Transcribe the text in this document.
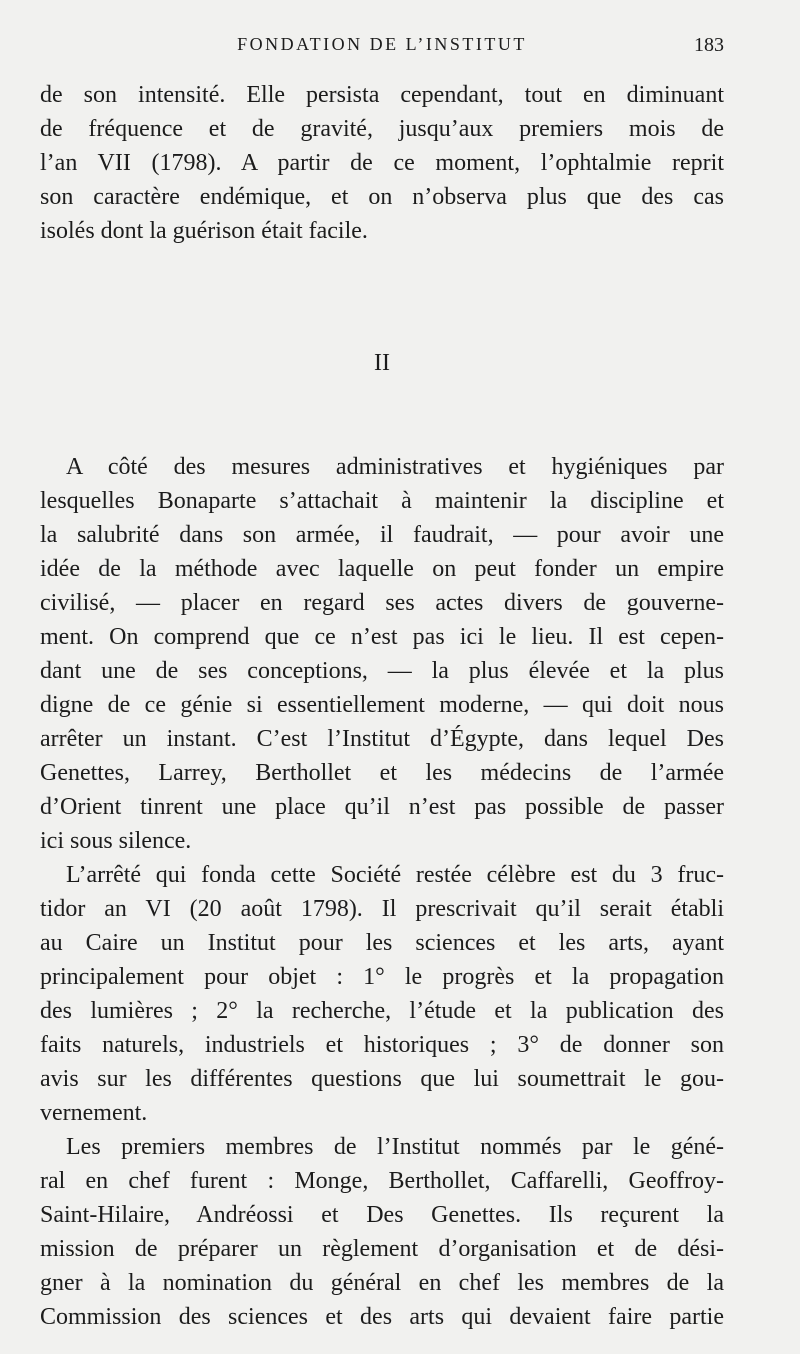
FONDATION DE L’INSTITUT	183
de son intensité. Elle persista cependant, tout en diminuant
de fréquence et de gravité, jusqu’aux premiers mois de
l’an VII (1798). A partir de ce moment, l’ophtalmie reprit
son caractère endémique, et on n’observa plus que des cas
isolés dont la guérison était facile.
II
A côté des mesures administratives et hygiéniques par
lesquelles Bonaparte s’attachait à maintenir la discipline et
la salubrité dans son armée, il faudrait, — pour avoir une
idée de la méthode avec laquelle on peut fonder un empire
civilisé, — placer en regard ses actes divers de gouverne-
ment. On comprend que ce n’est pas ici le lieu. Il est cepen-
dant une de ses conceptions, — la plus élevée et la plus
digne de ce génie si essentiellement moderne, — qui doit nous
arrêter un instant. C’est l’Institut d’Égypte, dans lequel Des
Genettes, Larrey, Berthollet et les médecins de l’armée
d’Orient tinrent une place qu’il n’est pas possible de passer
ici sous silence.
L’arrêté qui fonda cette Société restée célèbre est du 3 fruc-
tidor an VI (20 août 1798). Il prescrivait qu’il serait établi
au Caire un Institut pour les sciences et les arts, ayant
principalement pour objet : 1° le progrès et la propagation
des lumières ; 2° la recherche, l’étude et la publication des
faits naturels, industriels et historiques ; 3° de donner son
avis sur les différentes questions que lui soumettrait le gou-
vernement.
Les premiers membres de l’Institut nommés par le géné-
ral en chef furent : Monge, Berthollet, Caffarelli, Geoffroy-
Saint-Hilaire, Andréossi et Des Genettes. Ils reçurent la
mission de préparer un règlement d’organisation et de dési-
gner à la nomination du général en chef les membres de la
Commission des sciences et des arts qui devaient faire partie
